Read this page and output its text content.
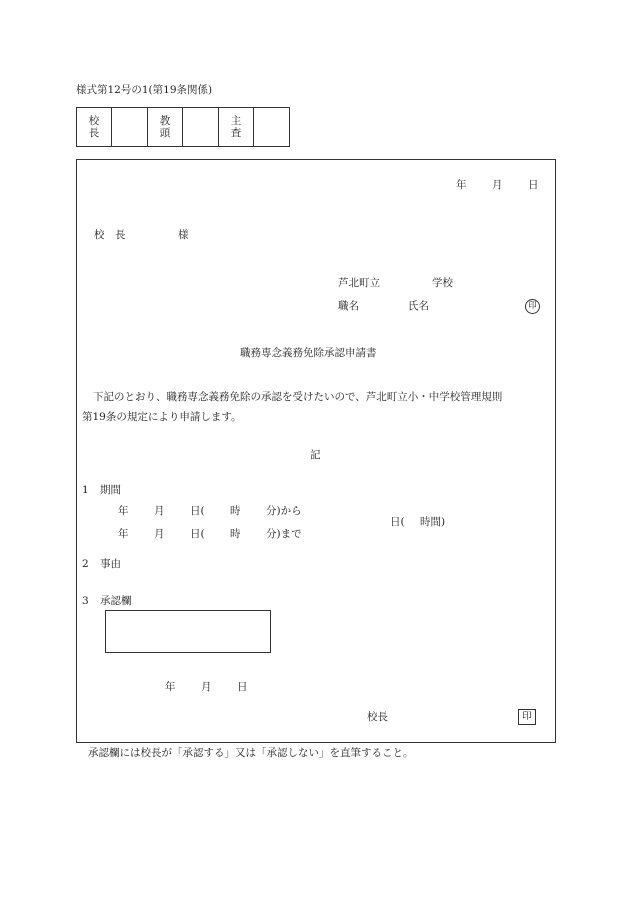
様式第12号の1(第19条関係)
校
長

教
頭

主
査

年 月 日
校　長	様
芦北町立	学校
職名	氏名	印
職務専念義務免除承認申請書
下記のとおり、職務専念義務免除の承認を受けたいので、芦北町立小・中学校管理規則
第19条の規定により申請します。
記
1 期間
年 月 日( 時 分)から
年 月 日( 時 分)まで
日( 時間)
2 事由
3 承認欄
年 月 日
校長	印
承認欄には校長が「承認する」又は「承認しない」を直筆すること。
